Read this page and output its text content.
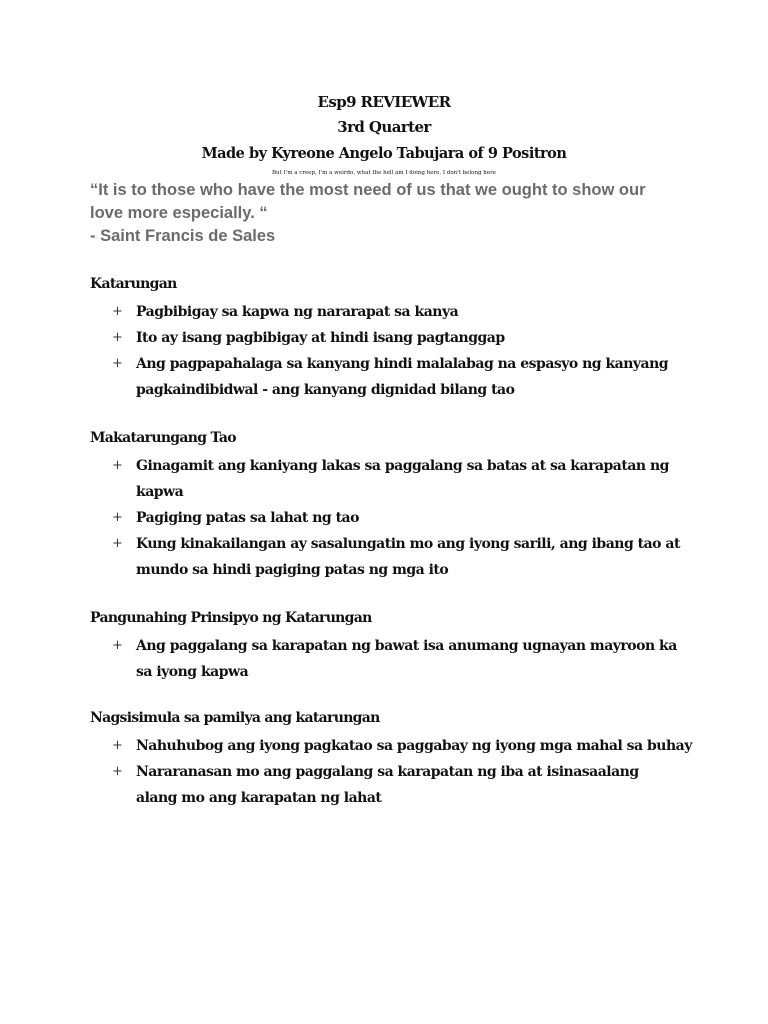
Esp9 REVIEWER
3rd Quarter
Made by Kyreone Angelo Tabujara of 9 Positron
But I'm a creep, I'm a weirdo, what the hell am I doing here, I don't belong here
“It is to those who have the most need of us that we ought to show our
love more especially. “
- Saint Francis de Sales
Katarungan
+ Pagbibigay sa kapwa ng nararapat sa kanya
+ Ito ay isang pagbibigay at hindi isang pagtanggap
+ Ang pagpapahalaga sa kanyang hindi malalabag na espasyo ng kanyang
pagkaindibidwal - ang kanyang dignidad bilang tao
Makatarungang Tao
+ Ginagamit ang kaniyang lakas sa paggalang sa batas at sa karapatan ng
kapwa
+ Pagiging patas sa lahat ng tao
+ Kung kinakailangan ay sasalungatin mo ang iyong sarili, ang ibang tao at
mundo sa hindi pagiging patas ng mga ito
Pangunahing Prinsipyo ng Katarungan
+ Ang paggalang sa karapatan ng bawat isa anumang ugnayan mayroon ka
sa iyong kapwa
Nagsisimula sa pamilya ang katarungan
+ Nahuhubog ang iyong pagkatao sa paggabay ng iyong mga mahal sa buhay
+ Nararanasan mo ang paggalang sa karapatan ng iba at isinasaalang
alang mo ang karapatan ng lahat
